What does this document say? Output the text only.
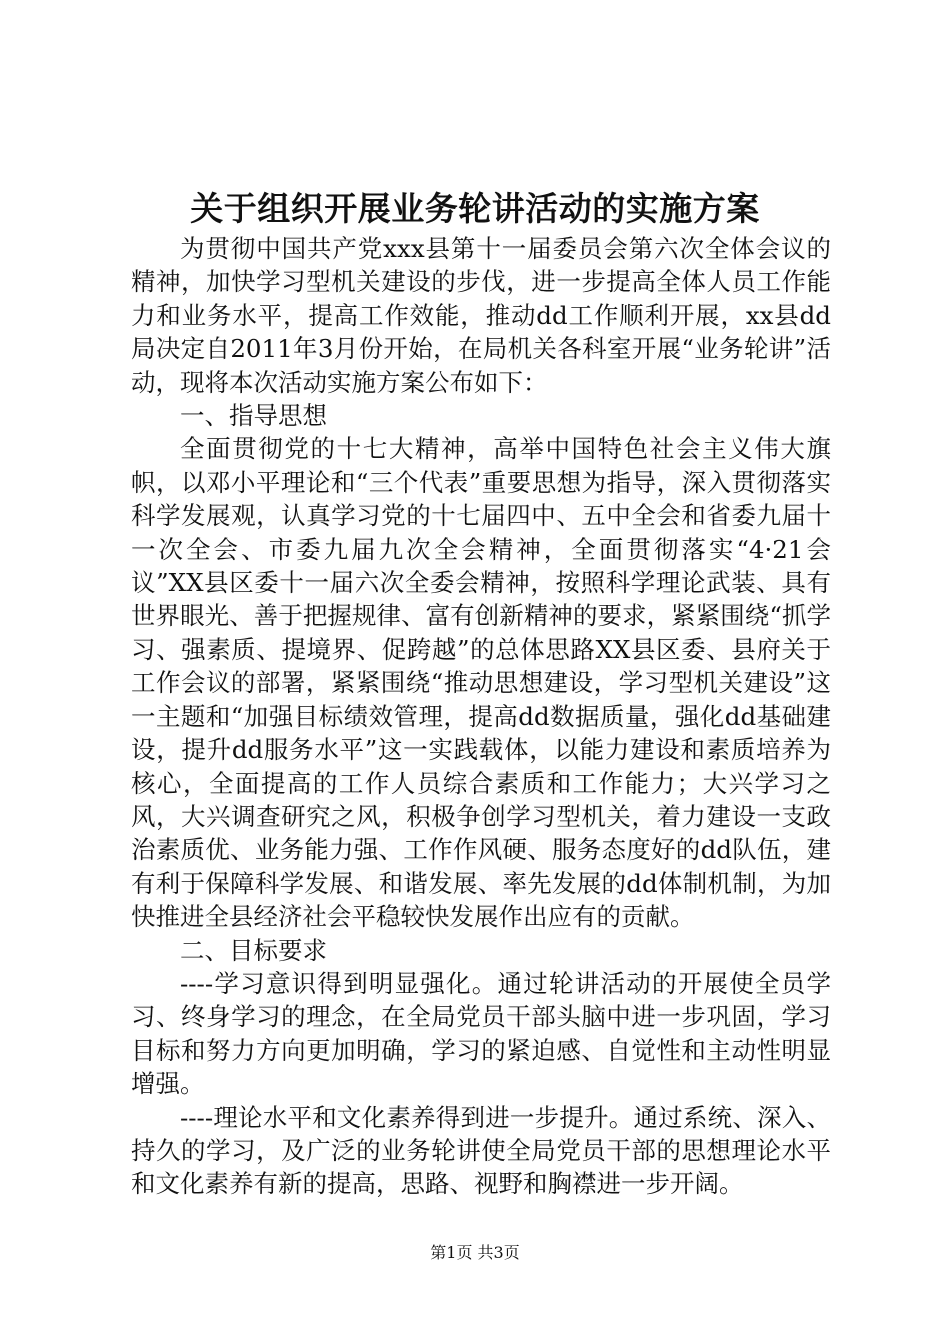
关于组织开展业务轮讲活动的实施方案

为贯彻中国共产党xxx县第十一届委员会第六次全体会议的精神，加快学习型机关建设的步伐，进一步提高全体人员工作能力和业务水平，提高工作效能，推动dd工作顺利开展，xx县dd局决定自2011年3月份开始，在局机关各科室开展“业务轮讲”活动，现将本次活动实施方案公布如下：

一、指导思想

全面贯彻党的十七大精神，高举中国特色社会主义伟大旗帜，以邓小平理论和“三个代表”重要思想为指导，深入贯彻落实科学发展观，认真学习党的十七届四中、五中全会和省委九届十一次全会、市委九届九次全会精神，全面贯彻落实“4·21会议”XX县区委十一届六次全委会精神，按照科学理论武装、具有世界眼光、善于把握规律、富有创新精神的要求，紧紧围绕“抓学习、强素质、提境界、促跨越”的总体思路XX县区委、县府关于工作会议的部署，紧紧围绕“推动思想建设，学习型机关建设”这一主题和“加强目标绩效管理，提高dd数据质量，强化dd基础建设，提升dd服务水平”这一实践载体，以能力建设和素质培养为核心，全面提高的工作人员综合素质和工作能力；大兴学习之风，大兴调查研究之风，积极争创学习型机关，着力建设一支政治素质优、业务能力强、工作作风硬、服务态度好的dd队伍，建有利于保障科学发展、和谐发展、率先发展的dd体制机制，为加快推进全县经济社会平稳较快发展作出应有的贡献。

二、目标要求

----学习意识得到明显强化。通过轮讲活动的开展使全员学习、终身学习的理念，在全局党员干部头脑中进一步巩固，学习目标和努力方向更加明确，学习的紧迫感、自觉性和主动性明显增强。

----理论水平和文化素养得到进一步提升。通过系统、深入、持久的学习，及广泛的业务轮讲使全局党员干部的思想理论水平和文化素养有新的提高，思路、视野和胸襟进一步开阔。

第1页 共3页
